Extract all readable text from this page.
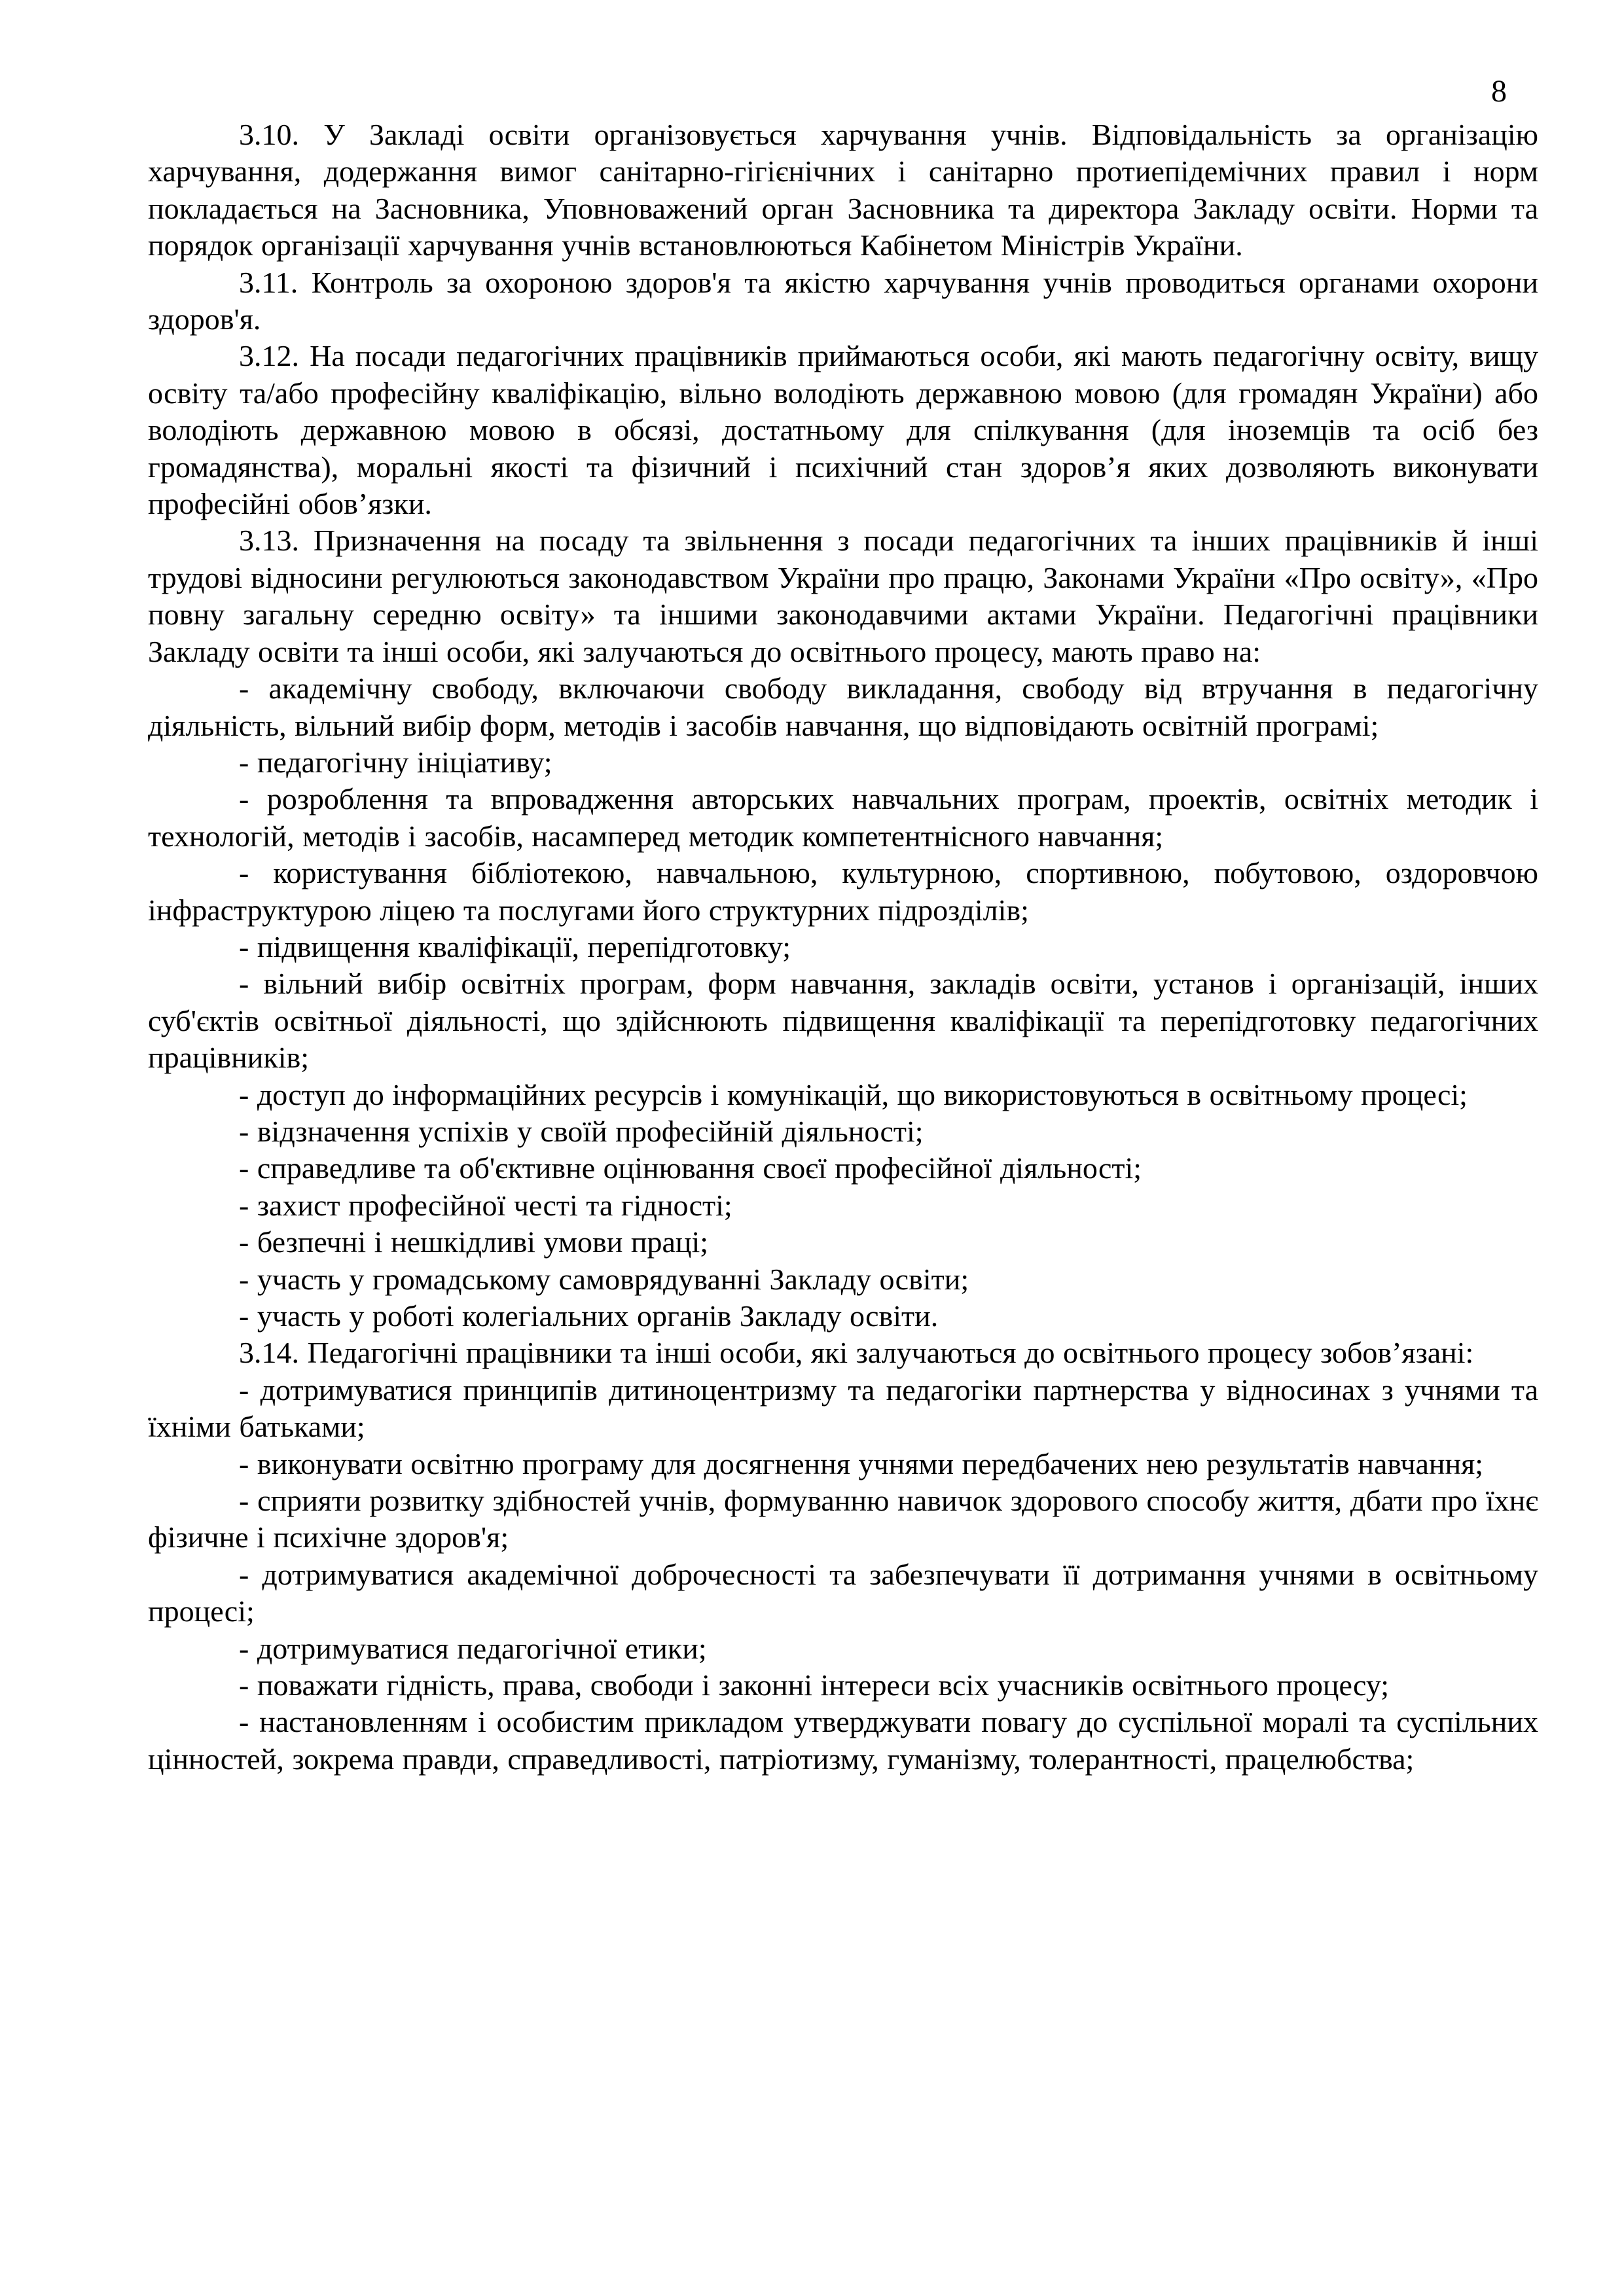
8

3.10. У Закладі освіти організовується харчування учнів. Відповідальність за організацію харчування, додержання вимог санітарно-гігієнічних і санітарно протиепідемічних правил і норм покладається на Засновника, Уповноважений орган Засновника та директора Закладу освіти. Норми та порядок організації харчування учнів встановлюються Кабінетом Міністрів України.

3.11. Контроль за охороною здоров'я та якістю харчування учнів проводиться органами охорони здоров'я.

3.12. На посади педагогічних працівників приймаються особи, які мають педагогічну освіту, вищу освіту та/або професійну кваліфікацію, вільно володіють державною мовою (для громадян України) або володіють державною мовою в обсязі, достатньому для спілкування (для іноземців та осіб без громадянства), моральні якості та фізичний і психічний стан здоров’я яких дозволяють виконувати професійні обов’язки.

3.13. Призначення на посаду та звільнення з посади педагогічних та інших працівників й інші трудові відносини регулюються законодавством України про працю, Законами України «Про освіту», «Про повну загальну середню освіту» та іншими законодавчими актами України. Педагогічні працівники Закладу освіти та інші особи, які залучаються до освітнього процесу, мають право на:

- академічну свободу, включаючи свободу викладання, свободу від втручання в педагогічну діяльність, вільний вибір форм, методів і засобів навчання, що відповідають освітній програмі;

- педагогічну ініціативу;

- розроблення та впровадження авторських навчальних програм, проектів, освітніх методик і технологій, методів і засобів, насамперед методик компетентнісного навчання;

- користування бібліотекою, навчальною, культурною, спортивною, побутовою, оздоровчою інфраструктурою ліцею та послугами його структурних підрозділів;

- підвищення кваліфікації, перепідготовку;

- вільний вибір освітніх програм, форм навчання, закладів освіти, установ і організацій, інших суб'єктів освітньої діяльності, що здійснюють підвищення кваліфікації та перепідготовку педагогічних працівників;

- доступ до інформаційних ресурсів і комунікацій, що використовуються в освітньому процесі;

- відзначення успіхів у своїй професійній діяльності;

- справедливе та об'єктивне оцінювання своєї професійної діяльності;

- захист професійної честі та гідності;

- безпечні і нешкідливі умови праці;

- участь у громадському самоврядуванні Закладу освіти;

- участь у роботі колегіальних органів Закладу освіти.

3.14. Педагогічні працівники та інші особи, які залучаються до освітнього процесу зобов’язані:

- дотримуватися принципів дитиноцентризму та педагогіки партнерства у відносинах з учнями та їхніми батьками;

- виконувати освітню програму для досягнення учнями передбачених нею результатів навчання;

- сприяти розвитку здібностей учнів, формуванню навичок здорового способу життя, дбати про їхнє фізичне і психічне здоров'я;

- дотримуватися академічної доброчесності та забезпечувати її дотримання учнями в освітньому процесі;

- дотримуватися педагогічної етики;

- поважати гідність, права, свободи і законні інтереси всіх учасників освітнього процесу;

- настановленням і особистим прикладом утверджувати повагу до суспільної моралі та суспільних цінностей, зокрема правди, справедливості, патріотизму, гуманізму, толерантності, працелюбства;
